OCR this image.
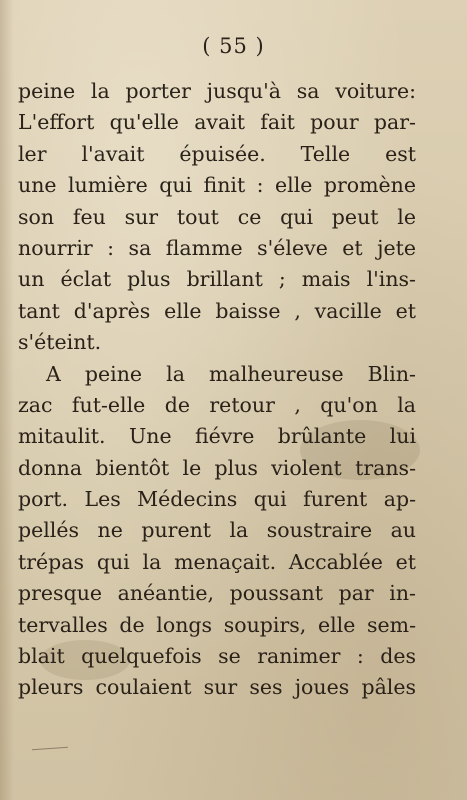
( 55 )
peine la porter jusqu'à sa voiture:
L'effort qu'elle avait fait pour par-
ler l'avait épuisée. Telle est
une lumière qui finit : elle promène
son feu sur tout ce qui peut le
nourrir : sa flamme s'éleve et jete
un éclat plus brillant ; mais l'ins-
tant d'après elle baisse , vacille et
s'éteint.
A peine la malheureuse Blin-
zac fut-elle de retour , qu'on la
mitaulit. Une fiévre brûlante lui
donna bientôt le plus violent trans-
port. Les Médecins qui furent ap-
pellés ne purent la soustraire au
trépas qui la menaçait. Accablée et
presque anéantie, poussant par in-
tervalles de longs soupirs, elle sem-
blait quelquefois se ranimer : des
pleurs coulaient sur ses joues pâles
